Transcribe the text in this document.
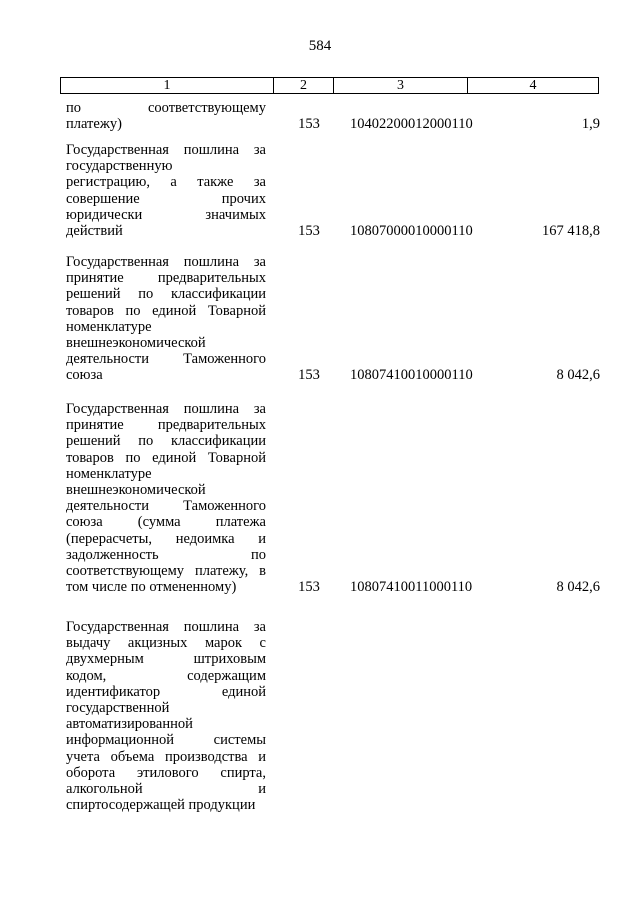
584
1	2	3	4
по соответствующему
платежу)	153 10402200012000110	1,9
Государственная пошлина за
государственную
регистрацию, а также за
совершение прочих
юридически значимых
действий	153 10807000010000110	167 418,8
Государственная пошлина за
принятие предварительных
решений по классификации
товаров по единой Товарной
номенклатуре
внешнеэкономической
деятельности Таможенного
союза	153 10807410010000110	8 042,6
Государственная пошлина за
принятие предварительных
решений по классификации
товаров по единой Товарной
номенклатуре
внешнеэкономической
деятельности Таможенного
союза (сумма платежа
(перерасчеты, недоимка и
задолженность по
соответствующему платежу, в
том числе по отмененному)	153 10807410011000110	8 042,6
Государственная пошлина за
выдачу акцизных марок с
двухмерным штриховым
кодом, содержащим
идентификатор единой
государственной
автоматизированной
информационной системы
учета объема производства и
оборота этилового спирта,
алкогольной и
спиртосодержащей продукции
